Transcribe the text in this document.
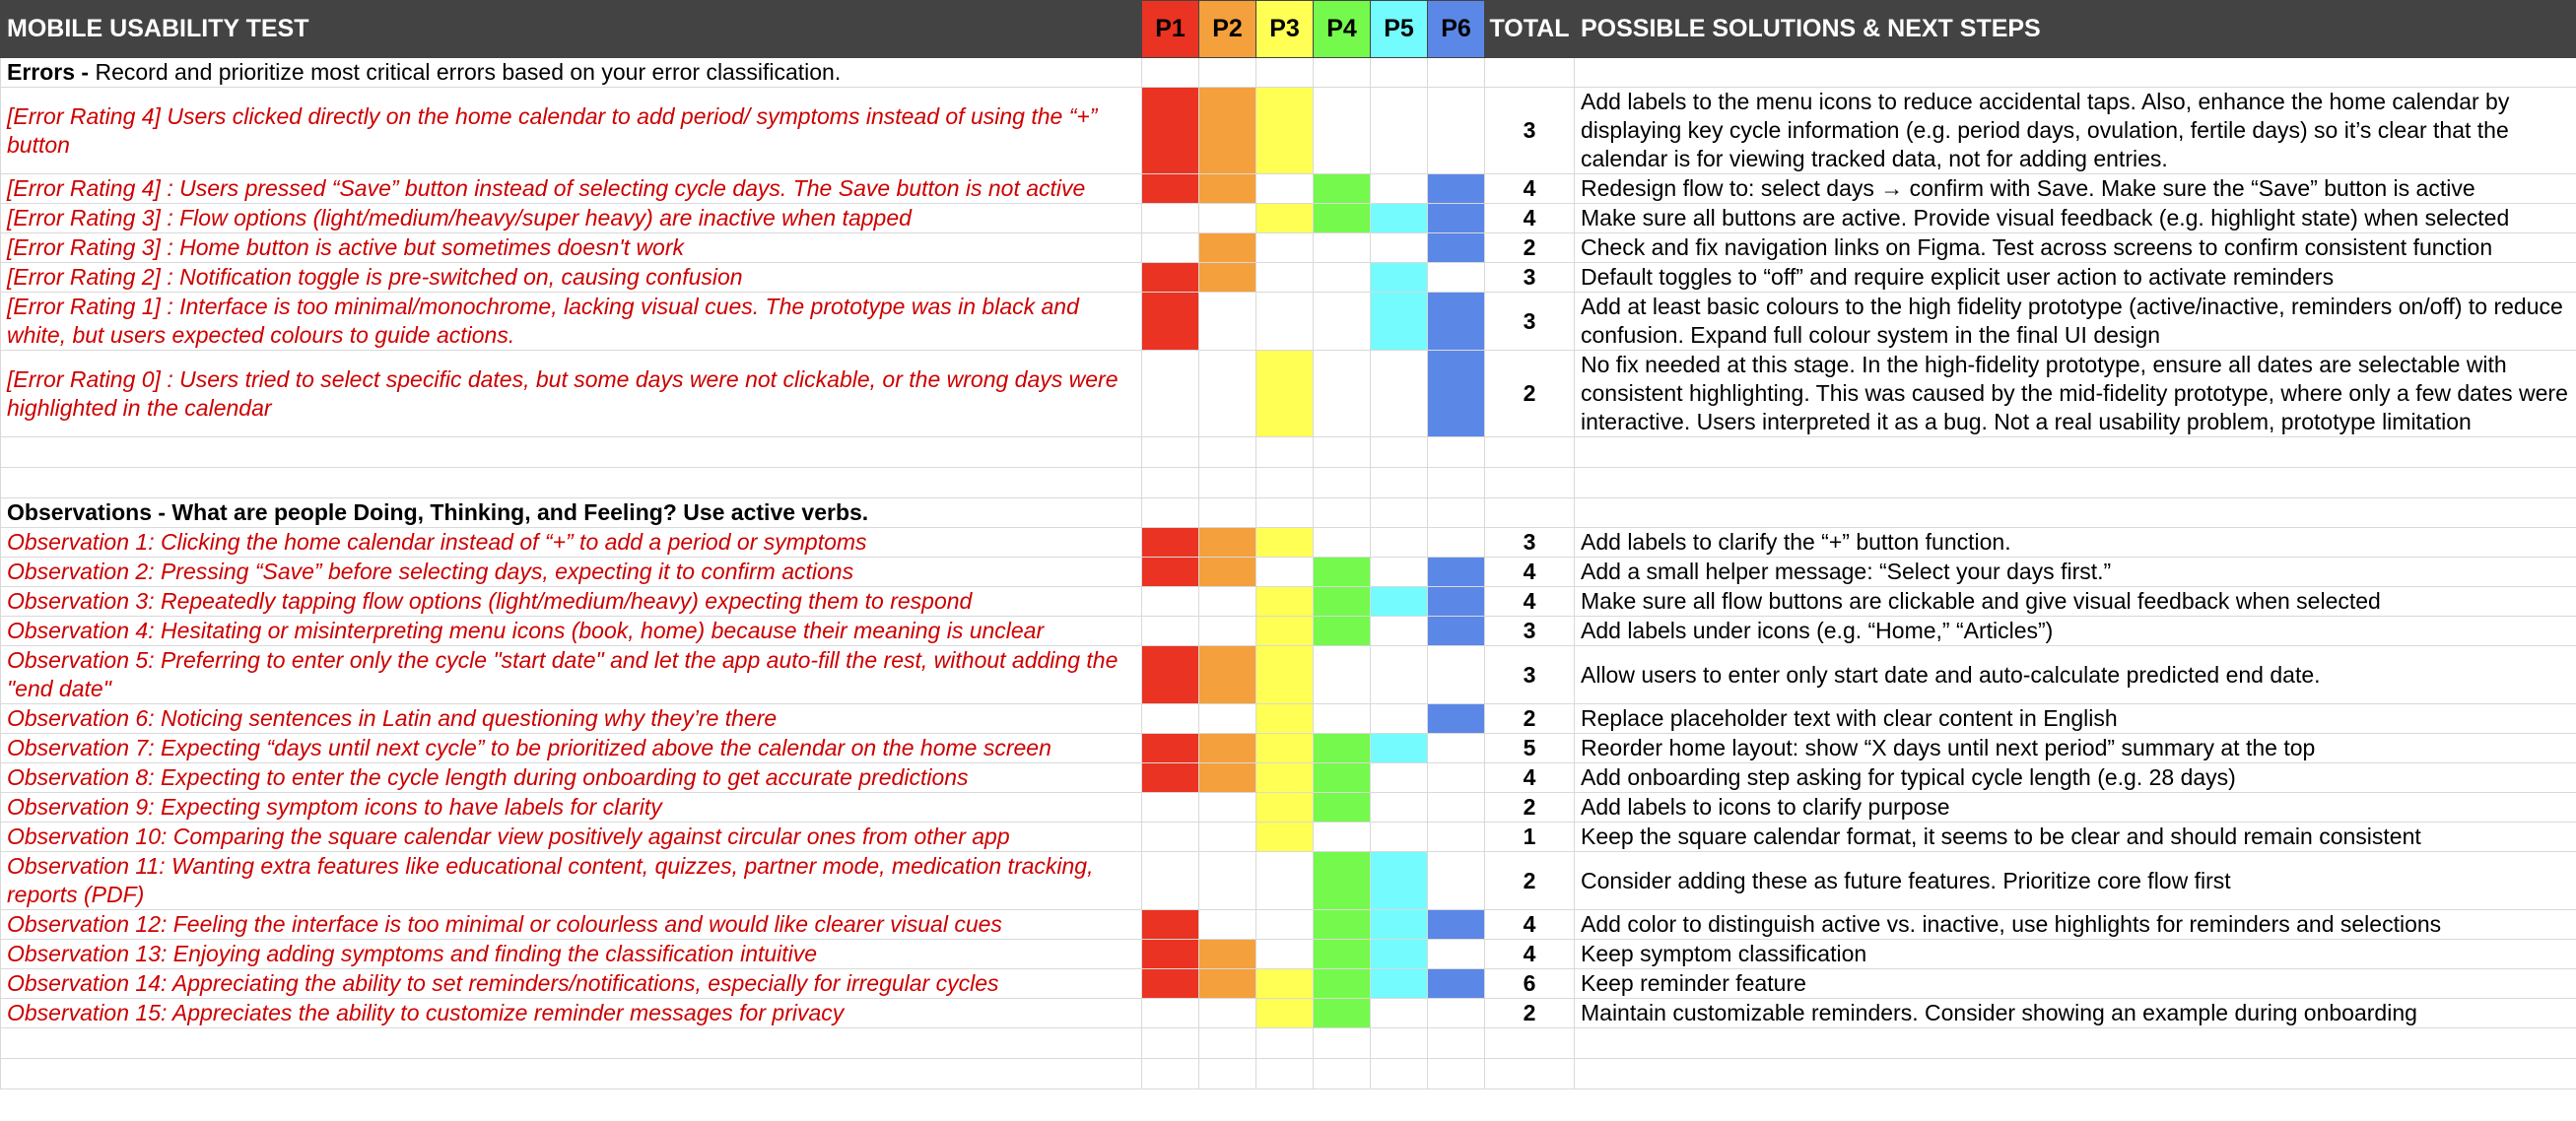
MOBILE USABILITY TEST	P1	P2	P3	P4	P5	P6	TOTAL	POSSIBLE SOLUTIONS & NEXT STEPS
Errors - Record and prioritize most critical errors based on your error classification.								
[Error Rating 4] Users clicked directly on the home calendar to add period/ symptoms instead of using the “+” button							3	Add labels to the menu icons to reduce accidental taps. Also, enhance the home calendar by displaying key cycle information (e.g. period days, ovulation, fertile days) so it’s clear that the calendar is for viewing tracked data, not for adding entries.
[Error Rating 4] : Users pressed “Save” button instead of selecting cycle days. The Save button is not active							4	Redesign flow to: select days → confirm with Save. Make sure the “Save” button is active
[Error Rating 3] : Flow options (light/medium/heavy/super heavy) are inactive when tapped							4	Make sure all buttons are active. Provide visual feedback (e.g. highlight state) when selected
[Error Rating 3] : Home button is active but sometimes doesn't work							2	Check and fix navigation links on Figma. Test across screens to confirm consistent function
[Error Rating 2] : Notification toggle is pre-switched on, causing confusion							3	Default toggles to “off” and require explicit user action to activate reminders
[Error Rating 1] : Interface is too minimal/monochrome, lacking visual cues. The prototype was in black and white, but users expected colours to guide actions.							3	Add at least basic colours to the high fidelity prototype (active/inactive, reminders on/off) to reduce confusion. Expand full colour system in the final UI design
[Error Rating 0] : Users tried to select specific dates, but some days were not clickable, or the wrong days were highlighted in the calendar							2	No fix needed at this stage. In the high-fidelity prototype, ensure all dates are selectable with consistent highlighting. This was caused by the mid-fidelity prototype, where only a few dates were interactive. Users interpreted it as a bug. Not a real usability problem, prototype limitation

Observations - What are people Doing, Thinking, and Feeling? Use active verbs.								
Observation 1: Clicking the home calendar instead of “+” to add a period or symptoms							3	Add labels to clarify the “+” button function.
Observation 2: Pressing “Save” before selecting days, expecting it to confirm actions							4	Add a small helper message: “Select your days first.”
Observation 3: Repeatedly tapping flow options (light/medium/heavy) expecting them to respond							4	Make sure all flow buttons are clickable and give visual feedback when selected
Observation 4: Hesitating or misinterpreting menu icons (book, home) because their meaning is unclear							3	Add labels under icons (e.g. “Home,” “Articles”)
Observation 5: Preferring to enter only the cycle "start date" and let the app auto-fill the rest, without adding the "end date"							3	Allow users to enter only start date and auto-calculate predicted end date.
Observation 6: Noticing sentences in Latin and questioning why they’re there							2	Replace placeholder text with clear content in English
Observation 7: Expecting “days until next cycle” to be prioritized above the calendar on the home screen							5	Reorder home layout: show “X days until next period” summary at the top
Observation 8: Expecting to enter the cycle length during onboarding to get accurate predictions							4	Add onboarding step asking for typical cycle length (e.g. 28 days)
Observation 9: Expecting symptom icons to have labels for clarity							2	Add labels to icons to clarify purpose
Observation 10: Comparing the square calendar view positively against circular ones from other app							1	Keep the square calendar format, it seems to be clear and should remain consistent
Observation 11: Wanting extra features like educational content, quizzes, partner mode, medication tracking, reports (PDF)							2	Consider adding these as future features. Prioritize core flow first
Observation 12: Feeling the interface is too minimal or colourless and would like clearer visual cues							4	Add color to distinguish active vs. inactive, use highlights for reminders and selections
Observation 13: Enjoying adding symptoms and finding the classification intuitive							4	Keep symptom classification
Observation 14: Appreciating the ability to set reminders/notifications, especially for irregular cycles							6	Keep reminder feature
Observation 15: Appreciates the ability to customize reminder messages for privacy							2	Maintain customizable reminders. Consider showing an example during onboarding
